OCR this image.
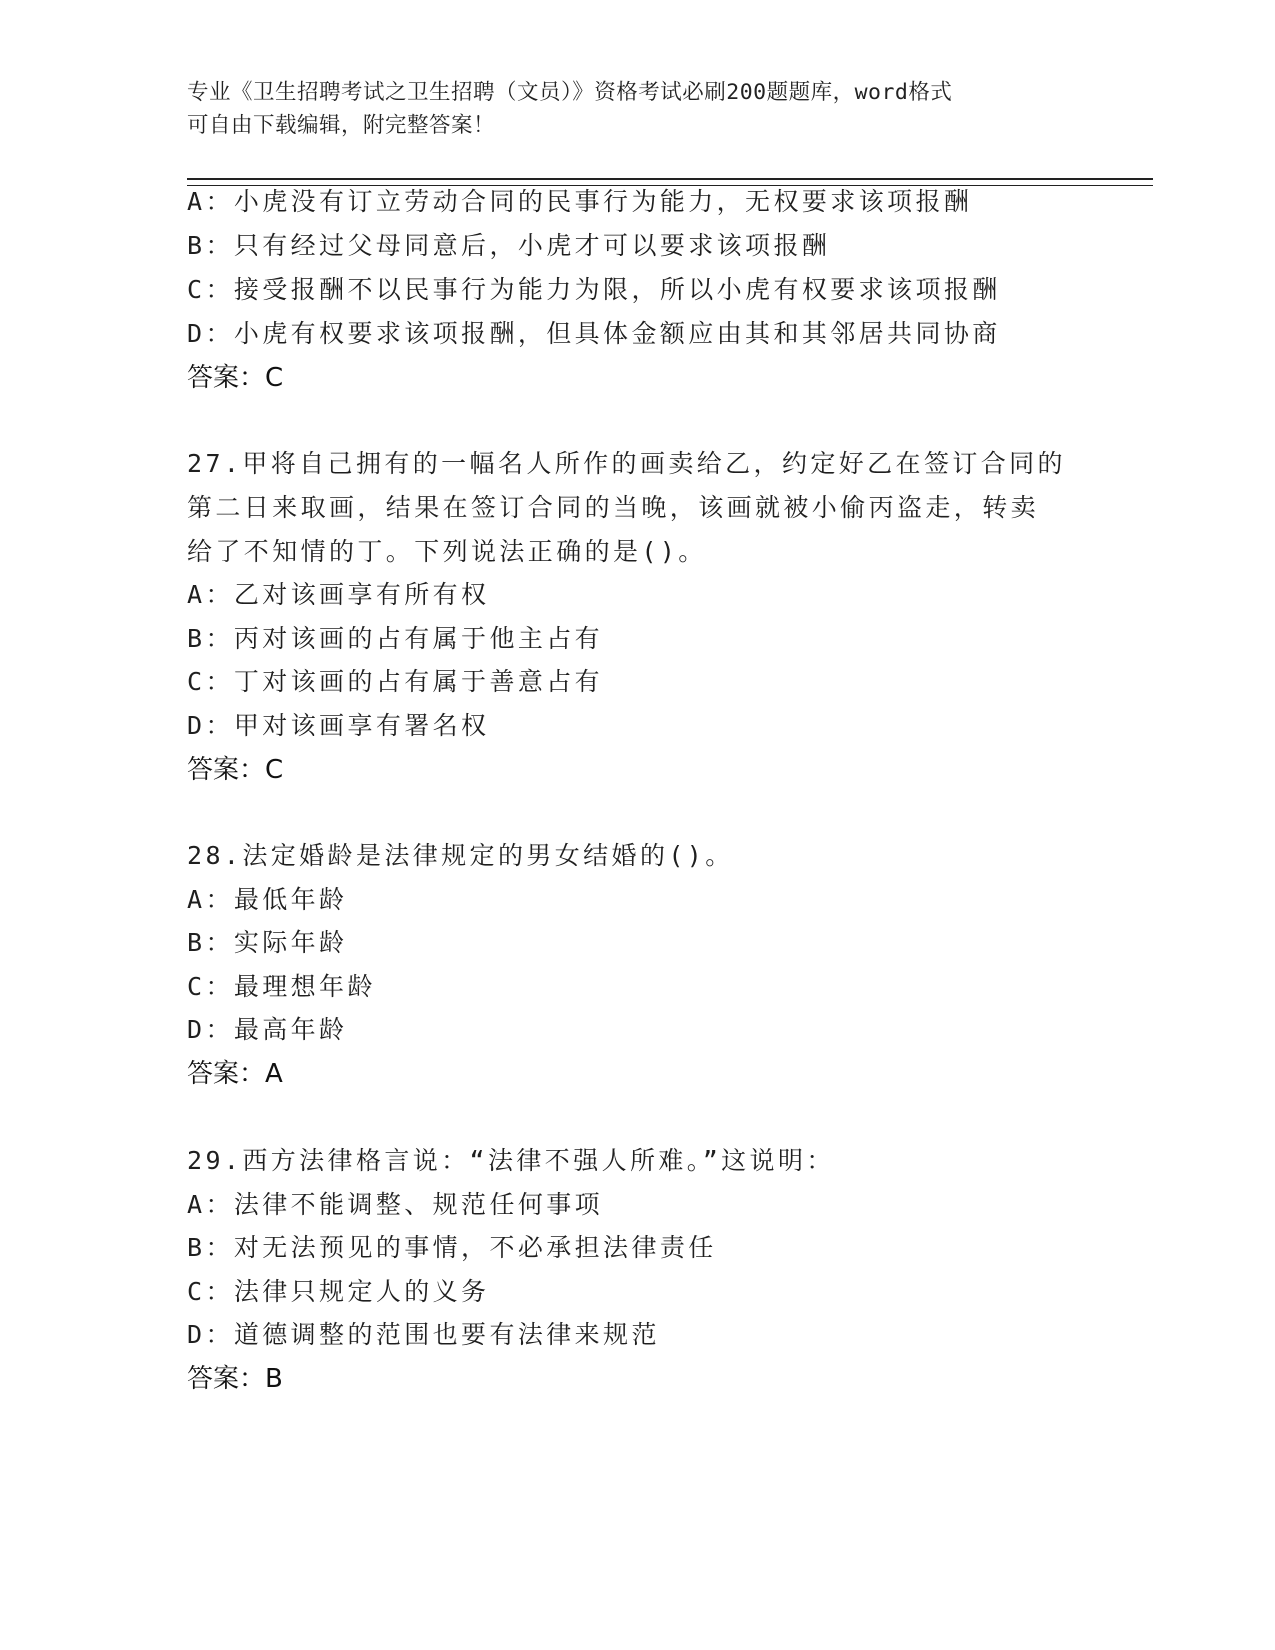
专业《卫生招聘考试之卫生招聘（文员）》资格考试必刷200题题库，word格式
可自由下载编辑，附完整答案！
A：小虎没有订立劳动合同的民事行为能力，无权要求该项报酬
B：只有经过父母同意后，小虎才可以要求该项报酬
C：接受报酬不以民事行为能力为限，所以小虎有权要求该项报酬
D：小虎有权要求该项报酬，但具体金额应由其和其邻居共同协商
答案：C
27.甲将自己拥有的一幅名人所作的画卖给乙，约定好乙在签订合同的
第二日来取画，结果在签订合同的当晚，该画就被小偷丙盗走，转卖
给了不知情的丁。下列说法正确的是()。
A：乙对该画享有所有权
B：丙对该画的占有属于他主占有
C：丁对该画的占有属于善意占有
D：甲对该画享有署名权
答案：C
28.法定婚龄是法律规定的男女结婚的()。
A：最低年龄
B：实际年龄
C：最理想年龄
D：最高年龄
答案：A
29.西方法律格言说：“法律不强人所难。”这说明：
A：法律不能调整、规范任何事项
B：对无法预见的事情，不必承担法律责任
C：法律只规定人的义务
D：道德调整的范围也要有法律来规范
答案：B
